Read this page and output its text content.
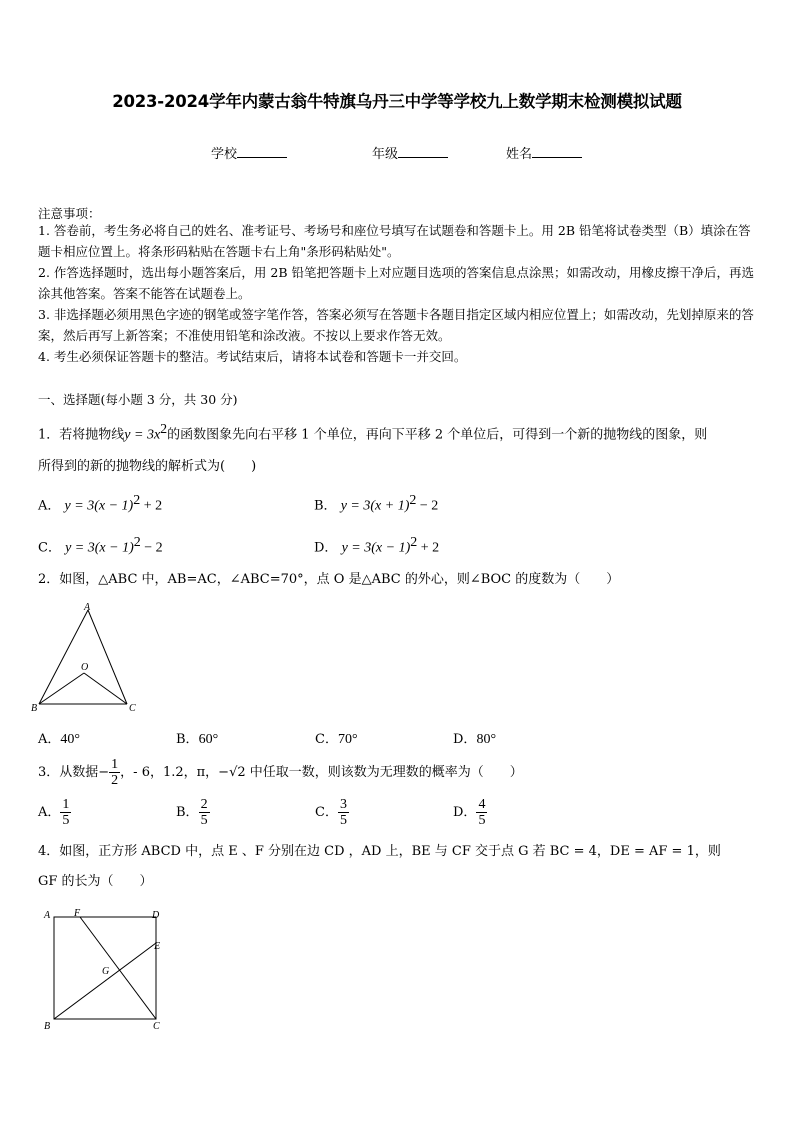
2023-2024学年内蒙古翁牛特旗乌丹三中学等学校九上数学期末检测模拟试题
学校	年级	姓名
注意事项：
1. 答卷前，考生务必将自己的姓名、准考证号、考场号和座位号填写在试题卷和答题卡上。用 2B 铅笔将试卷类型（B）填涂在答题卡相应位置上。将条形码粘贴在答题卡右上角"条形码粘贴处"。
2. 作答选择题时，选出每小题答案后，用 2B 铅笔把答题卡上对应题目选项的答案信息点涂黑；如需改动，用橡皮擦干净后，再选涂其他答案。答案不能答在试题卷上。
3. 非选择题必须用黑色字迹的钢笔或签字笔作答，答案必须写在答题卡各题目指定区域内相应位置上；如需改动，先划掉原来的答案，然后再写上新答案；不准使用铅笔和涂改液。不按以上要求作答无效。
4. 考生必须保证答题卡的整洁。考试结束后，请将本试卷和答题卡一并交回。
一、选择题(每小题 3 分，共 30 分)
1．若将抛物线$y = 3x^2$的函数图象先向右平移 1 个单位，再向下平移 2 个单位后，可得到一个新的抛物线的图象，则
所得到的新的抛物线的解析式为(　　)
A． $y = 3(x - 1)^2 + 2$	B． $y = 3(x + 1)^2 - 2$
C． $y = 3(x - 1)^2 - 2$	D． $y = 3(x - 1)^2 + 2$
2．如图，△ABC 中，AB=AC，∠ABC=70°，点 O 是△ABC 的外心，则∠BOC 的度数为（　　）
A
O
B	C
A．40°	B．60°	C．70°	D．80°
3．从数据− $\frac{1}{2}$ ，- 6，1.2，π，−√2 中任取一数，则该数为无理数的概率为（　　）
A． $\frac{1}{5}$	B． $\frac{2}{5}$	C． $\frac{3}{5}$	D． $\frac{4}{5}$
4．如图，正方形 ABCD 中，点 E 、F 分别在边 CD ，AD 上，BE 与 CF 交于点 G 若 BC = 4，DE = AF = 1，则
GF 的长为（　　）
A F	D
E
G
B	C
